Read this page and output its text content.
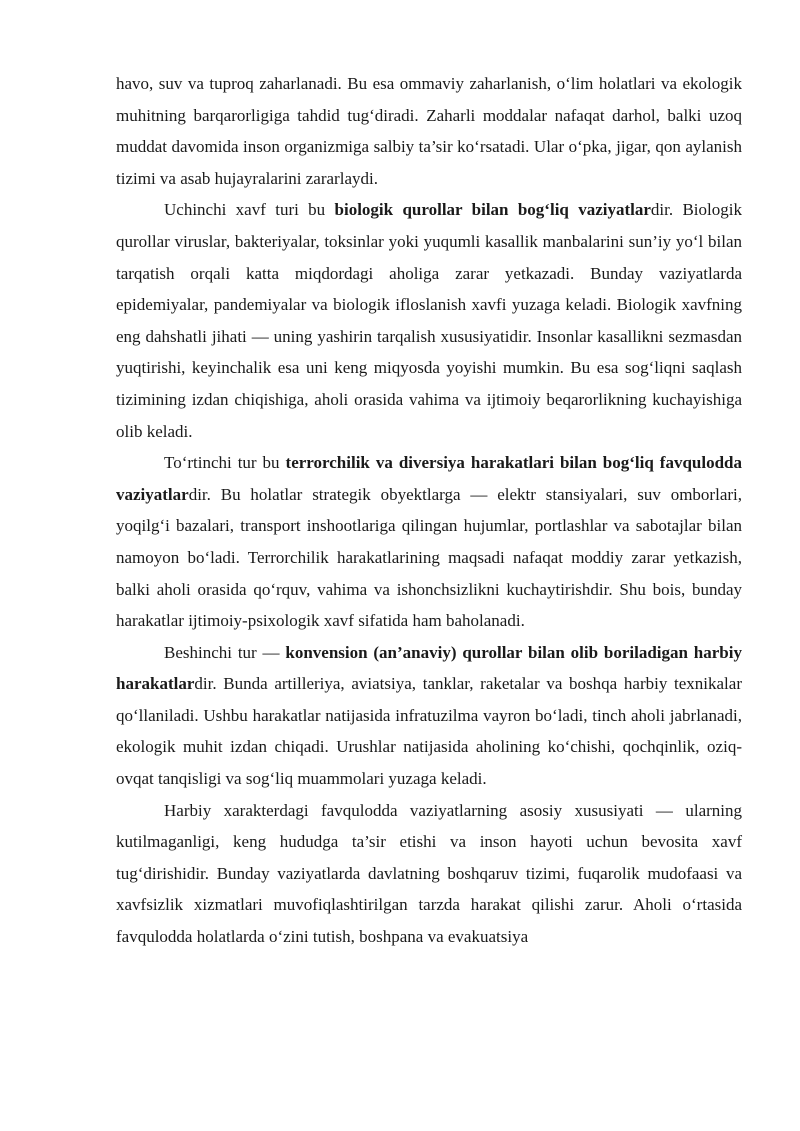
havo, suv va tuproq zaharlanadi. Bu esa ommaviy zaharlanish, o‘lim holatlari va ekologik muhitning barqarorligiga tahdid tug‘diradi. Zaharli moddalar nafaqat darhol, balki uzoq muddat davomida inson organizmiga salbiy ta’sir ko‘rsatadi. Ular o‘pka, jigar, qon aylanish tizimi va asab hujayralarini zararlaydi.

Uchinchi xavf turi bu biologik qurollar bilan bog‘liq vaziyatlardir. Biologik qurollar viruslar, bakteriyalar, toksinlar yoki yuqumli kasallik manbalarini sun’iy yo‘l bilan tarqatish orqali katta miqdordagi aholiga zarar yetkazadi. Bunday vaziyatlarda epidemiyalar, pandemiyalar va biologik ifloslanish xavfi yuzaga keladi. Biologik xavfning eng dahshatli jihati — uning yashirin tarqalish xususiyatidir. Insonlar kasallikni sezmasdan yuqtirishi, keyinchalik esa uni keng miqyosda yoyishi mumkin. Bu esa sog‘liqni saqlash tizimining izdan chiqishiga, aholi orasida vahima va ijtimoiy beqarorlikning kuchayishiga olib keladi.

To‘rtinchi tur bu terrorchilik va diversiya harakatlari bilan bog‘liq favqulodda vaziyatlardir. Bu holatlar strategik obyektlarga — elektr stansiyalari, suv omborlari, yoqilg‘i bazalari, transport inshootlariga qilingan hujumlar, portlashlar va sabotajlar bilan namoyon bo‘ladi. Terrorchilik harakatlarining maqsadi nafaqat moddiy zarar yetkazish, balki aholi orasida qo‘rquv, vahima va ishonchsizlikni kuchaytirishdir. Shu bois, bunday harakatlar ijtimoiy-psixologik xavf sifatida ham baholanadi.

Beshinchi tur — konvension (an’anaviy) qurollar bilan olib boriladigan harbiy harakatlardir. Bunda artilleriya, aviatsiya, tanklar, raketalar va boshqa harbiy texnikalar qo‘llaniladi. Ushbu harakatlar natijasida infratuzilma vayron bo‘ladi, tinch aholi jabrlanadi, ekologik muhit izdan chiqadi. Urushlar natijasida aholining ko‘chishi, qochqinlik, oziq-ovqat tanqisligi va sog‘liq muammolari yuzaga keladi.

Harbiy xarakterdagi favqulodda vaziyatlarning asosiy xususiyati — ularning kutilmaganligi, keng hududga ta’sir etishi va inson hayoti uchun bevosita xavf tug‘dirishidir. Bunday vaziyatlarda davlatning boshqaruv tizimi, fuqarolik mudofaasi va xavfsizlik xizmatlari muvofiqlashtirilgan tarzda harakat qilishi zarur. Aholi o‘rtasida favqulodda holatlarda o‘zini tutish, boshpana va evakuatsiya
